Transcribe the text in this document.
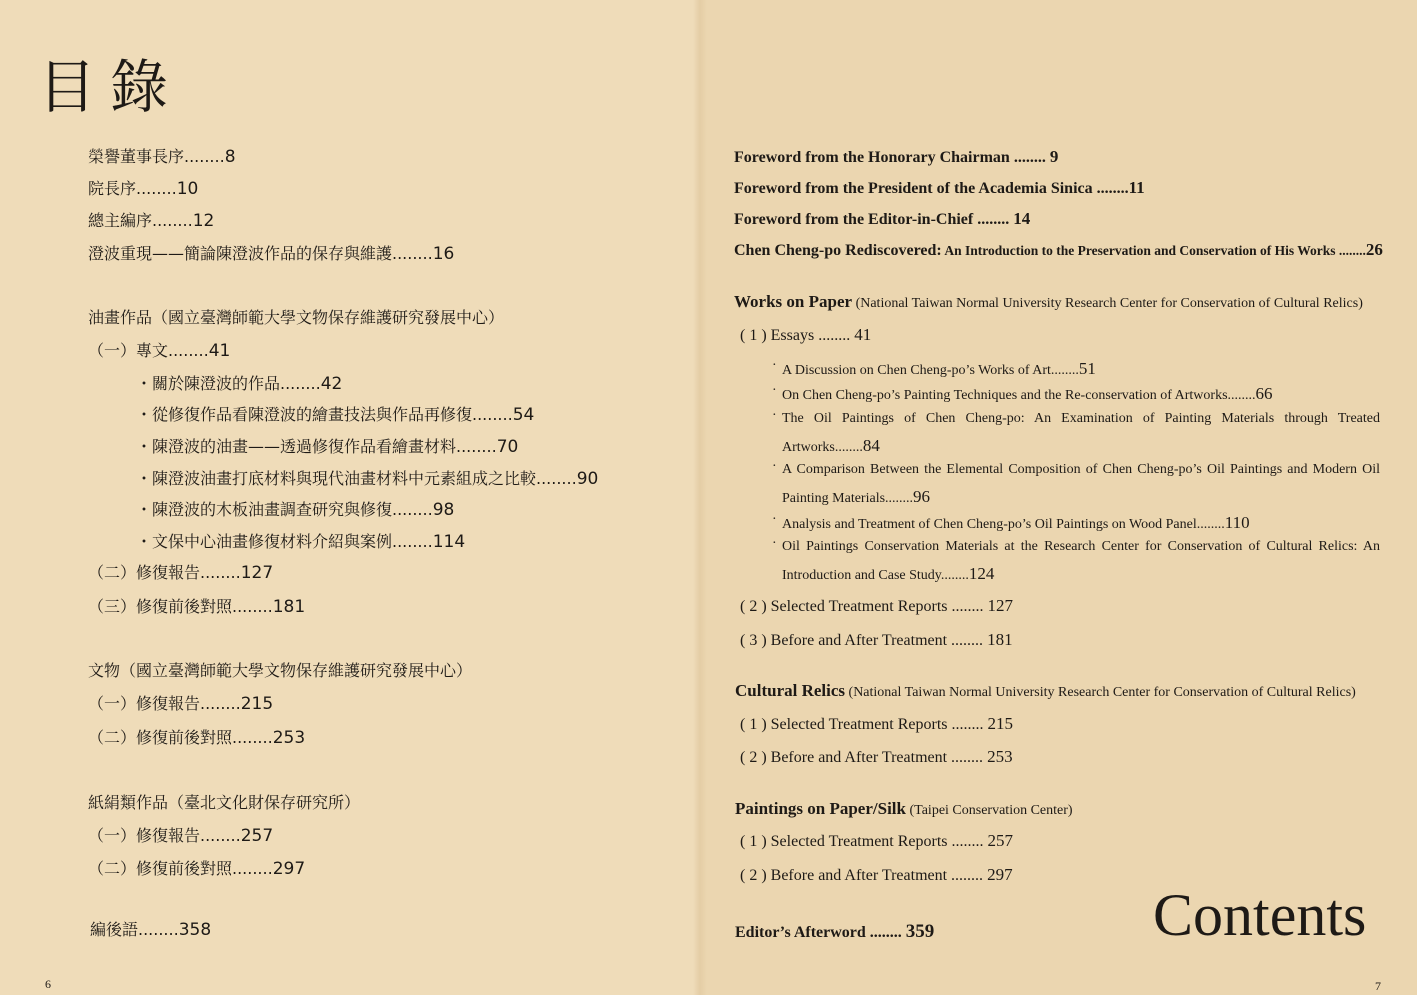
目錄
榮譽董事長序........8
院長序........10
總主編序........12
澄波重現——簡論陳澄波作品的保存與維護........16
油畫作品（國立臺灣師範大學文物保存維護研究發展中心）
（一）專文........41
・關於陳澄波的作品........42
・從修復作品看陳澄波的繪畫技法與作品再修復........54
・陳澄波的油畫——透過修復作品看繪畫材料........70
・陳澄波油畫打底材料與現代油畫材料中元素組成之比較........90
・陳澄波的木板油畫調查研究與修復........98
・文保中心油畫修復材料介紹與案例........114
（二）修復報告........127
（三）修復前後對照........181
文物（國立臺灣師範大學文物保存維護研究發展中心）
（一）修復報告........215
（二）修復前後對照........253
紙絹類作品（臺北文化財保存研究所）
（一）修復報告........257
（二）修復前後對照........297
編後語........358
6
Foreword from the Honorary Chairman ........ 9
Foreword from the President of the Academia Sinica ........11
Foreword from the Editor-in-Chief ........ 14
Chen Cheng-po Rediscovered: An Introduction to the Preservation and Conservation of His Works ........26
Works on Paper (National Taiwan Normal University Research Center for Conservation of Cultural Relics)
( 1 ) Essays ........ 41
· A Discussion on Chen Cheng-po’s Works of Art........51
· On Chen Cheng-po’s Painting Techniques and the Re-conservation of Artworks........66
· The Oil Paintings of Chen Cheng-po: An Examination of Painting Materials through Treated Artworks........84
· A Comparison Between the Elemental Composition of Chen Cheng-po’s Oil Paintings and Modern Oil Painting Materials........96
· Analysis and Treatment of Chen Cheng-po’s Oil Paintings on Wood Panel........110
· Oil Paintings Conservation Materials at the Research Center for Conservation of Cultural Relics: An Introduction and Case Study........124
( 2 ) Selected Treatment Reports ........ 127
( 3 ) Before and After Treatment ........ 181
Cultural Relics (National Taiwan Normal University Research Center for Conservation of Cultural Relics)
( 1 ) Selected Treatment Reports ........ 215
( 2 ) Before and After Treatment ........ 253
Paintings on Paper/Silk (Taipei Conservation Center)
( 1 ) Selected Treatment Reports ........ 257
( 2 ) Before and After Treatment ........ 297
Editor’s Afterword ........ 359	Contents
7
